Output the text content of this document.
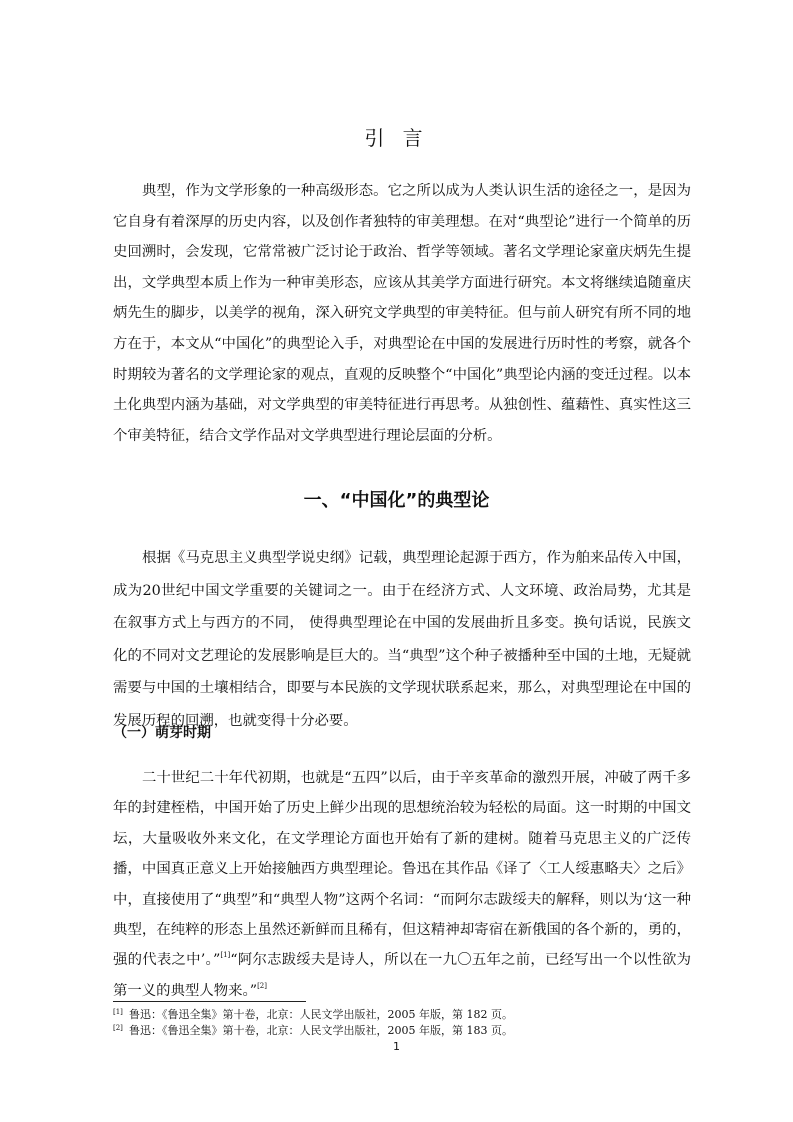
引 言

典型，作为文学形象的一种高级形态。它之所以成为人类认识生活的途径之一，是因为它自身有着深厚的历史内容，以及创作者独特的审美理想。在对“典型论”进行一个简单的历史回溯时，会发现，它常常被广泛讨论于政治、哲学等领域。著名文学理论家童庆炳先生提出，文学典型本质上作为一种审美形态，应该从其美学方面进行研究。本文将继续追随童庆炳先生的脚步，以美学的视角，深入研究文学典型的审美特征。但与前人研究有所不同的地方在于，本文从“中国化”的典型论入手，对典型论在中国的发展进行历时性的考察，就各个时期较为著名的文学理论家的观点，直观的反映整个“中国化”典型论内涵的变迁过程。以本土化典型内涵为基础，对文学典型的审美特征进行再思考。从独创性、蕴藉性、真实性这三个审美特征，结合文学作品对文学典型进行理论层面的分析。

一、“中国化”的典型论

根据《马克思主义典型学说史纲》记载，典型理论起源于西方，作为舶来品传入中国，成为20世纪中国文学重要的关键词之一。由于在经济方式、人文环境、政治局势，尤其是在叙事方式上与西方的不同， 使得典型理论在中国的发展曲折且多变。换句话说，民族文化的不同对文艺理论的发展影响是巨大的。当“典型”这个种子被播种至中国的土地，无疑就需要与中国的土壤相结合，即要与本民族的文学现状联系起来，那么，对典型理论在中国的发展历程的回溯，也就变得十分必要。

（一）萌芽时期

二十世纪二十年代初期，也就是“五四”以后，由于辛亥革命的激烈开展，冲破了两千多年的封建桎梏，中国开始了历史上鲜少出现的思想统治较为轻松的局面。这一时期的中国文坛，大量吸收外来文化，在文学理论方面也开始有了新的建树。随着马克思主义的广泛传播，中国真正意义上开始接触西方典型理论。鲁迅在其作品《译了〈工人绥惠略夫〉之后》中，直接使用了“典型”和“典型人物”这两个名词：“而阿尔志跋绥夫的解释，则以为‘这一种典型，在纯粹的形态上虽然还新鲜而且稀有，但这精神却寄宿在新俄国的各个新的，勇的，强的代表之中’。”[1]“阿尔志跋绥夫是诗人，所以在一九〇五年之前，已经写出一个以性欲为第一义的典型人物来。”[2]

[1] 鲁迅：《鲁迅全集》第十卷，北京：人民文学出版社，2005 年版，第 182 页。
[2] 鲁迅：《鲁迅全集》第十卷，北京：人民文学出版社，2005 年版，第 183 页。
1
